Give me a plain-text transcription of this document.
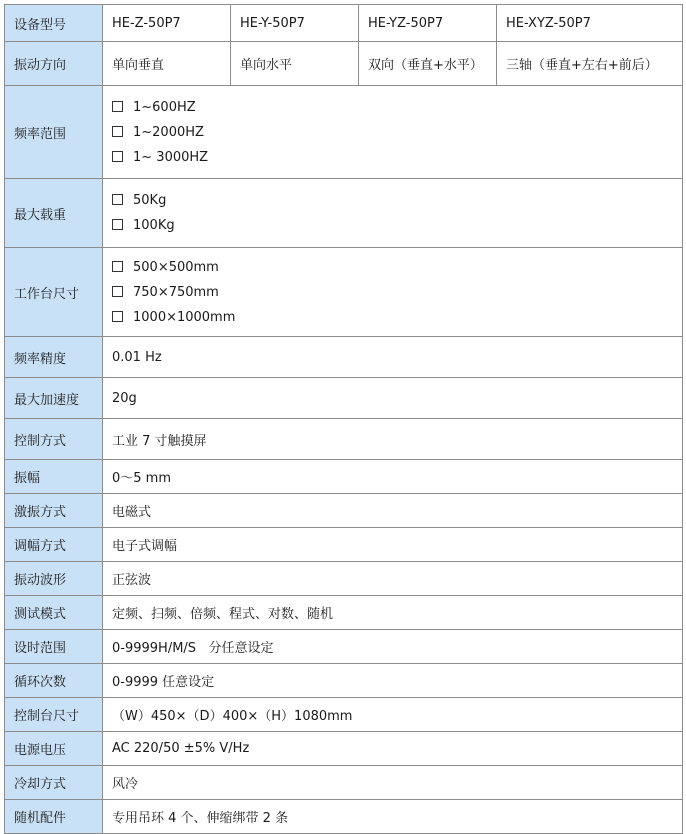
设备型号	HE-Z-50P7	HE-Y-50P7	HE-YZ-50P7	HE-XYZ-50P7
振动方向	单向垂直	单向水平	双向（垂直+水平）	三轴（垂直+左右+前后）
频率范围	1~600HZ
1~2000HZ
1~ 3000HZ			

最大载重	50Kg
100Kg			

工作台尺寸	500×500mm
750×750mm
1000×1000mm			

频率精度	0.01 Hz			
最大加速度	20g			
控制方式	工业 7 寸触摸屏			
振幅	0～5 mm			
激振方式	电磁式			
调幅方式	电子式调幅			
振动波形	正弦波			
测试模式	定频、扫频、倍频、程式、对数、随机			
设时范围	0-9999H/M/S   分任意设定			
循环次数	0-9999 任意设定			
控制台尺寸	（W）450×（D）400×（H）1080mm			
电源电压	AC 220/50 ±5% V/Hz			
冷却方式	风冷			
随机配件	专用吊环 4 个、伸缩绑带 2 条			
